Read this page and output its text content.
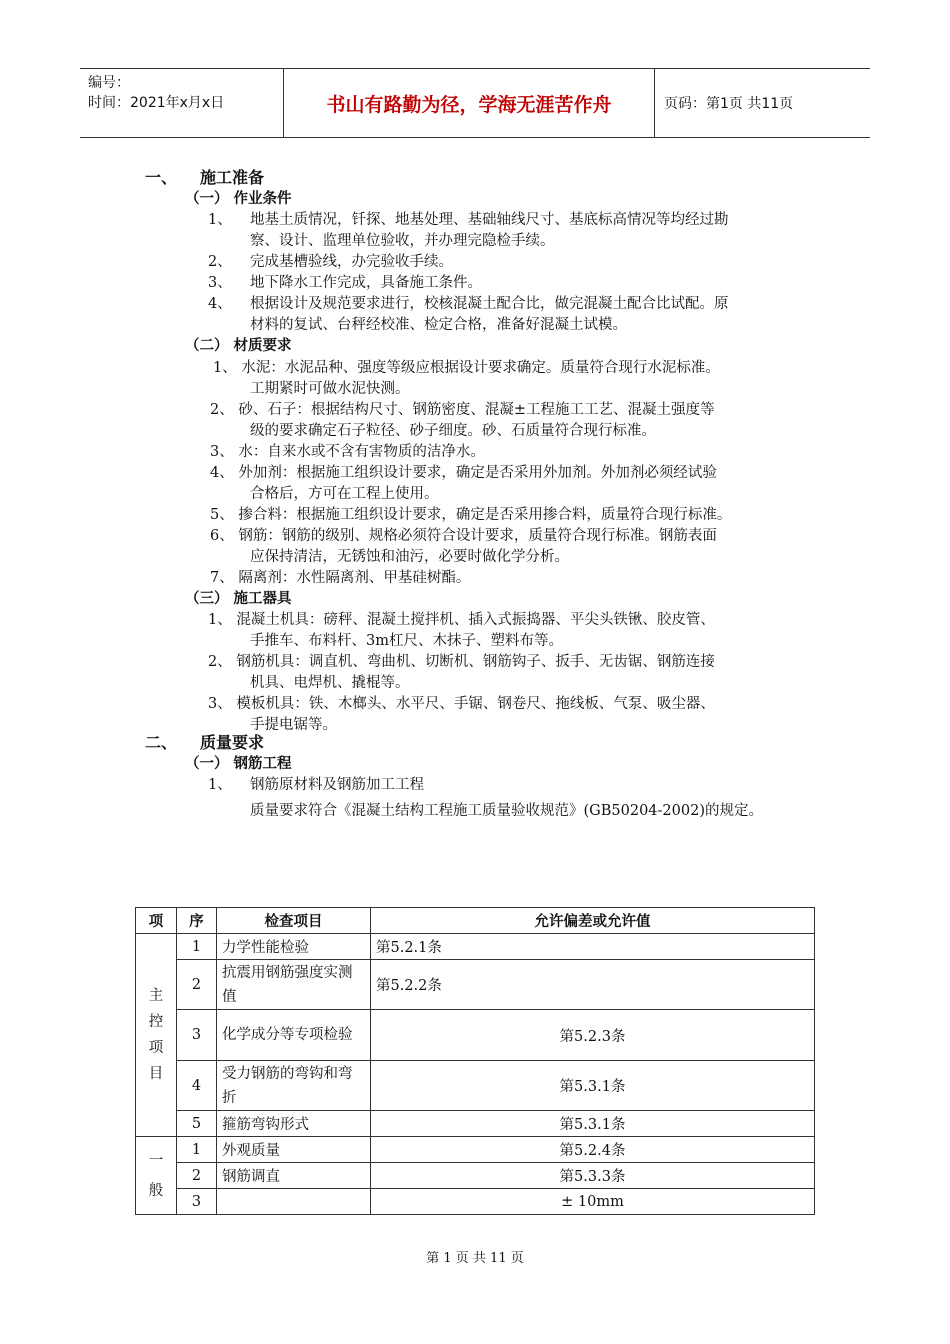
编号：
时间：2021年x月x日	书山有路勤为径，学海无涯苦作舟	页码：第1页 共11页
一、 施工准备
（一） 作业条件
1、 地基土质情况，钎探、地基处理、基础轴线尺寸、基底标高情况等均经过勘
察、设计、监理单位验收，并办理完隐检手续。
2、 完成基槽验线，办完验收手续。
3、 地下降水工作完成，具备施工条件。
4、 根据设计及规范要求进行，校核混凝土配合比，做完混凝土配合比试配。原
材料的复试、台秤经校准、检定合格，准备好混凝土试模。
（二） 材质要求
1、 水泥：水泥品种、强度等级应根据设计要求确定。质量符合现行水泥标准。
工期紧时可做水泥快测。
2、 砂、石子：根据结构尺寸、钢筋密度、混凝±工程施工工艺、混凝土强度等
级的要求确定石子粒径、砂子细度。砂、石质量符合现行标准。
3、 水：自来水或不含有害物质的洁净水。
4、 外加剂：根据施工组织设计要求，确定是否采用外加剂。外加剂必须经试验
合格后，方可在工程上使用。
5、 掺合料：根据施工组织设计要求，确定是否采用掺合料，质量符合现行标准。
6、 钢筋：钢筋的级别、规格必须符合设计要求，质量符合现行标准。钢筋表面
应保持清洁，无锈蚀和油污，必要时做化学分析。
7、 隔离剂：水性隔离剂、甲基硅树酯。
（三） 施工器具
1、 混凝土机具：磅秤、混凝土搅拌机、插入式振捣器、平尖头铁锹、胶皮管、
手推车、布料杆、3m杠尺、木抹子、塑料布等。
2、 钢筋机具：调直机、弯曲机、切断机、钢筋钩子、扳手、无齿锯、钢筋连接
机具、电焊机、撬棍等。
3、 模板机具：铁、木榔头、水平尺、手锯、钢卷尺、拖线板、气泵、吸尘器、
手提电锯等。
二、 质量要求
（一） 钢筋工程
1、 钢筋原材料及钢筋加工工程
质量要求符合《混凝土结构工程施工质量验收规范》(GB50204-2002)的规定。
项	序	检查项目	允许偏差或允许值

主控项目	1	力学性能检验	第5.2.1条
	2	抗震用钢筋强度实测值	第5.2.2条
	3	化学成分等专项检验	第5.2.3条
	4	受力钢筋的弯钩和弯折	第5.3.1条
	5	箍筋弯钩形式	第5.3.1条

一般	1	外观质量	第5.2.4条
	2	钢筋调直	第5.3.3条
	3		± 10mm
第 1 页 共 11 页
